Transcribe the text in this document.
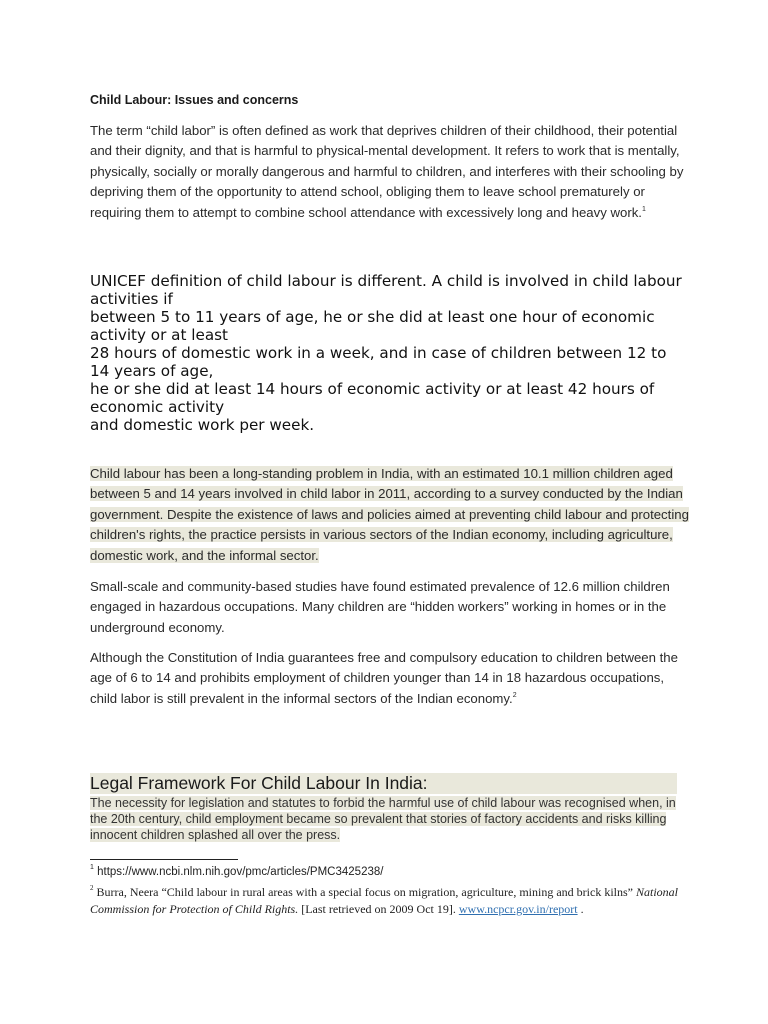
Child Labour: Issues and concerns

The term “child labor” is often defined as work that deprives children of their childhood, their potential and their dignity, and that is harmful to physical-mental development. It refers to work that is mentally, physically, socially or morally dangerous and harmful to children, and interferes with their schooling by depriving them of the opportunity to attend school, obliging them to leave school prematurely or requiring them to attempt to combine school attendance with excessively long and heavy work.$^1$

UNICEF definition of child labour is different. A child is involved in child labour activities if
between 5 to 11 years of age, he or she did at least one hour of economic activity or at least
28 hours of domestic work in a week, and in case of children between 12 to 14 years of age,
he or she did at least 14 hours of economic activity or at least 42 hours of economic activity
and domestic work per week.

Child labour has been a long-standing problem in India, with an estimated 10.1 million children aged between 5 and 14 years involved in child labor in 2011, according to a survey conducted by the Indian government. Despite the existence of laws and policies aimed at preventing child labour and protecting children's rights, the practice persists in various sectors of the Indian economy, including agriculture, domestic work, and the informal sector.

Small-scale and community-based studies have found estimated prevalence of 12.6 million children engaged in hazardous occupations. Many children are “hidden workers” working in homes or in the underground economy.

Although the Constitution of India guarantees free and compulsory education to children between the age of 6 to 14 and prohibits employment of children younger than 14 in 18 hazardous occupations, child labor is still prevalent in the informal sectors of the Indian economy.$^2$

Legal Framework For Child Labour In India:

The necessity for legislation and statutes to forbid the harmful use of child labour was recognised when, in the 20th century, child employment became so prevalent that stories of factory accidents and risks killing innocent children splashed all over the press.

$^1$ https://www.ncbi.nlm.nih.gov/pmc/articles/PMC3425238/
$^2$ Burra, Neera “Child labour in rural areas with a special focus on migration, agriculture, mining and brick kilns” National Commission for Protection of Child Rights. [Last retrieved on 2009 Oct 19]. www.ncpcr.gov.in/report .
